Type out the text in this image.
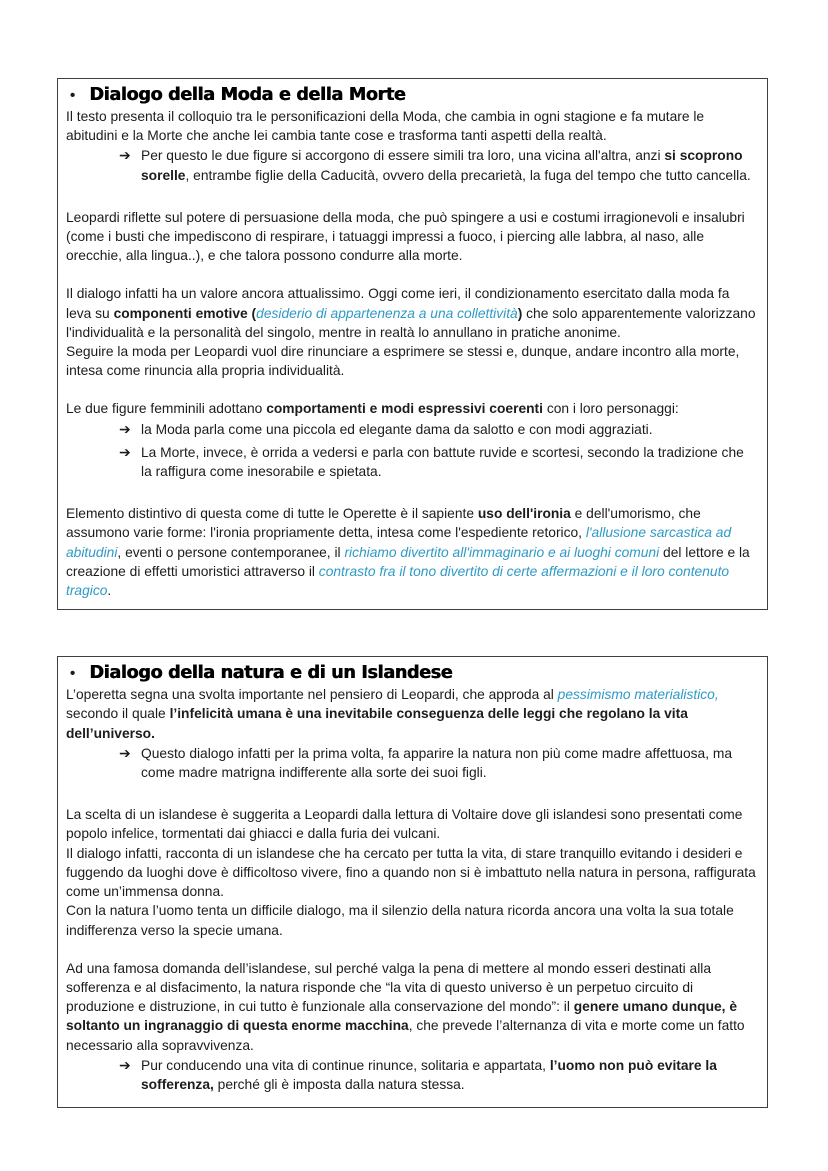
• Dialogo della Moda e della Morte
Il testo presenta il colloquio tra le personificazioni della Moda, che cambia in ogni stagione e fa mutare le abitudini e la Morte che anche lei cambia tante cose e trasforma tanti aspetti della realtà.
➔ Per questo le due figure si accorgono di essere simili tra loro, una vicina all'altra, anzi si scoprono sorelle, entrambe figlie della Caducità, ovvero della precarietà, la fuga del tempo che tutto cancella.
Leopardi riflette sul potere di persuasione della moda, che può spingere a usi e costumi irragionevoli e insalubri (come i busti che impediscono di respirare, i tatuaggi impressi a fuoco, i piercing alle labbra, al naso, alle orecchie, alla lingua..), e che talora possono condurre alla morte.
Il dialogo infatti ha un valore ancora attualissimo. Oggi come ieri, il condizionamento esercitato dalla moda fa leva su componenti emotive (desiderio di appartenenza a una collettività) che solo apparentemente valorizzano l'individualità e la personalità del singolo, mentre in realtà lo annullano in pratiche anonime.
Seguire la moda per Leopardi vuol dire rinunciare a esprimere se stessi e, dunque, andare incontro alla morte, intesa come rinuncia alla propria individualità.
Le due figure femminili adottano comportamenti e modi espressivi coerenti con i loro personaggi:
➔ la Moda parla come una piccola ed elegante dama da salotto e con modi aggraziati.
➔ La Morte, invece, è orrida a vedersi e parla con battute ruvide e scortesi, secondo la tradizione che la raffigura come inesorabile e spietata.
Elemento distintivo di questa come di tutte le Operette è il sapiente uso dell'ironia e dell'umorismo, che assumono varie forme: l'ironia propriamente detta, intesa come l'espediente retorico, l'allusione sarcastica ad abitudini, eventi o persone contemporanee, il richiamo divertito all'immaginario e ai luoghi comuni del lettore e la creazione di effetti umoristici attraverso il contrasto fra il tono divertito di certe affermazioni e il loro contenuto tragico.
• Dialogo della natura e di un Islandese
L’operetta segna una svolta importante nel pensiero di Leopardi, che approda al pessimismo materialistico, secondo il quale l’infelicità umana è una inevitabile conseguenza delle leggi che regolano la vita dell’universo.
➔ Questo dialogo infatti per la prima volta, fa apparire la natura non più come madre affettuosa, ma come madre matrigna indifferente alla sorte dei suoi figli.
La scelta di un islandese è suggerita a Leopardi dalla lettura di Voltaire dove gli islandesi sono presentati come popolo infelice, tormentati dai ghiacci e dalla furia dei vulcani.
Il dialogo infatti, racconta di un islandese che ha cercato per tutta la vita, di stare tranquillo evitando i desideri e fuggendo da luoghi dove è difficoltoso vivere, fino a quando non si è imbattuto nella natura in persona, raffigurata come un’immensa donna.
Con la natura l’uomo tenta un difficile dialogo, ma il silenzio della natura ricorda ancora una volta la sua totale indifferenza verso la specie umana.
Ad una famosa domanda dell’islandese, sul perché valga la pena di mettere al mondo esseri destinati alla sofferenza e al disfacimento, la natura risponde che “la vita di questo universo è un perpetuo circuito di produzione e distruzione, in cui tutto è funzionale alla conservazione del mondo”: il genere umano dunque, è soltanto un ingranaggio di questa enorme macchina, che prevede l’alternanza di vita e morte come un fatto necessario alla sopravvivenza.
➔ Pur conducendo una vita di continue rinunce, solitaria e appartata, l’uomo non può evitare la sofferenza, perché gli è imposta dalla natura stessa.
